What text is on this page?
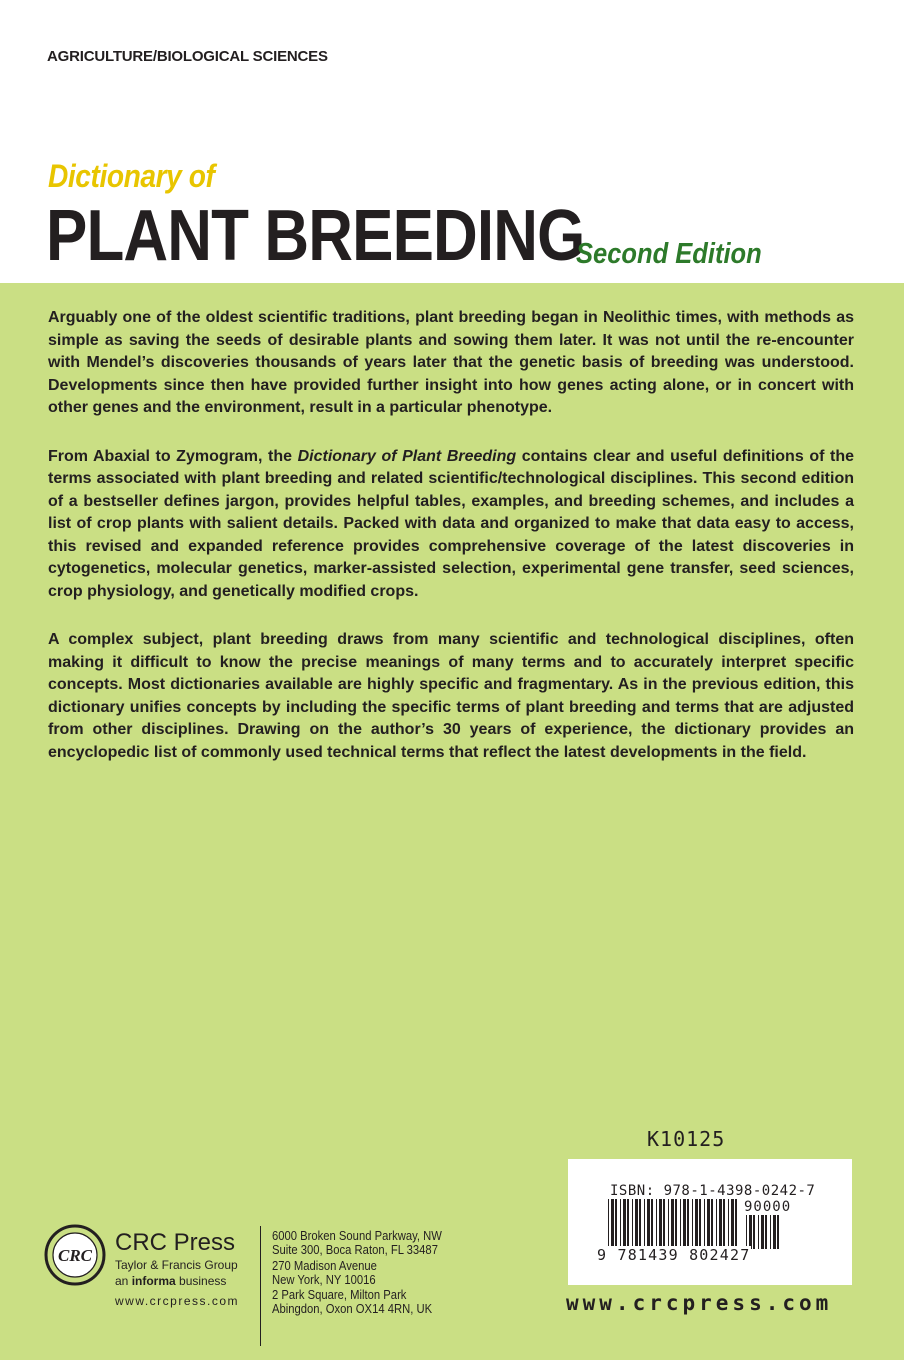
AGRICULTURE/BIOLOGICAL SCIENCES
Dictionary of
PLANT BREEDING
Second Edition

Arguably one of the oldest scientific traditions, plant breeding began in Neolithic times, with methods as simple as saving the seeds of desirable plants and sowing them later. It was not until the re-encounter with Mendel’s discoveries thousands of years later that the genetic basis of breeding was understood. Developments since then have provided further insight into how genes acting alone, or in concert with other genes and the environment, result in a particular phenotype.

From Abaxial to Zymogram, the Dictionary of Plant Breeding contains clear and useful definitions of the terms associated with plant breeding and related scientific/technological disciplines. This second edition of a bestseller defines jargon, provides helpful tables, examples, and breeding schemes, and includes a list of crop plants with salient details. Packed with data and organized to make that data easy to access, this revised and expanded reference provides comprehensive coverage of the latest discoveries in cytogenetics, molecular genetics, marker-assisted selection, experimental gene transfer, seed sciences, crop physiology, and genetically modified crops.

A complex subject, plant breeding draws from many scientific and technological disciplines, often making it difficult to know the precise meanings of many terms and to accurately interpret specific concepts. Most dictionaries available are highly specific and fragmentary. As in the previous edition, this dictionary unifies concepts by including the specific terms of plant breeding and terms that are adjusted from other disciplines. Drawing on the author’s 30 years of experience, the dictionary provides an encyclopedic list of commonly used technical terms that reflect the latest developments in the field.

K10125
ISBN: 978-1-4398-0242-7
90000
9 781439 802427
www.crcpress.com
CRC CRC Press
Taylor & Francis Group
an informa business
www.crcpress.com
6000 Broken Sound Parkway, NW
Suite 300, Boca Raton, FL 33487
270 Madison Avenue
New York, NY 10016
2 Park Square, Milton Park
Abingdon, Oxon OX14 4RN, UK
